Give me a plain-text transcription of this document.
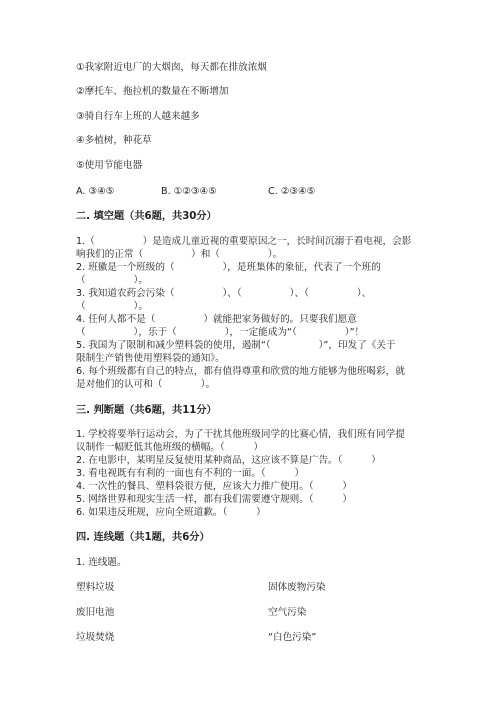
①我家附近电厂的大烟囱，每天都在排放浓烟
②摩托车、拖拉机的数量在不断增加
③骑自行车上班的人越来越多
④多植树，种花草
⑤使用节能电器
A. ③④⑤	B. ①②③④⑤	C. ②③④⑤
二. 填空题（共6题，共30分）
1.（　　　　　）是造成儿童近视的重要原因之一，长时间沉溺于看电视，会影
响我们的正常（　　　　　）和（　　　　　）。
2. 班徽是一个班级的（　　　　　），是班集体的象征，代表了一个班的
（　　　　　）。
3. 我知道农药会污染（　　　　　）、（　　　　　）、（　　　　　）、
（　　　　　）。
4. 任何人都不是（　　　　　）就能把家务做好的。只要我们愿意
（　　　　　），乐于（　　　　　），一定能成为“（　　　　　）”！
5. 我国为了限制和减少塑料袋的使用，遏制“（　　　　　）”，印发了《关于
限制生产销售使用塑料袋的通知》。
6. 每个班级都有自己的特点，都有值得尊重和欣赏的地方能够为他班喝彩，就
是对他们的认可和（　　　　）。
三. 判断题（共6题，共11分）
1. 学校将要举行运动会，为了干扰其他班级同学的比赛心情，我们班有同学提
议制作一幅贬低其他班级的横幅。（　　　）
2. 在电影中，某明星反复使用某种商品，这应该不算是广告。（　　　）
3. 看电视既有有利的一面也有不利的一面。（　　　）
4. 一次性的餐具、塑料袋很方便，应该大力推广使用。（　　　）
5. 网络世界和现实生活一样，都有我们需要遵守规则。（　　　）
6. 如果违反班规，应向全班道歉。（　　　）
四. 连线题（共1题，共6分）
1. 连线题。
塑料垃圾
废旧电池
垃圾焚烧
固体废物污染
空气污染
“白色污染”
